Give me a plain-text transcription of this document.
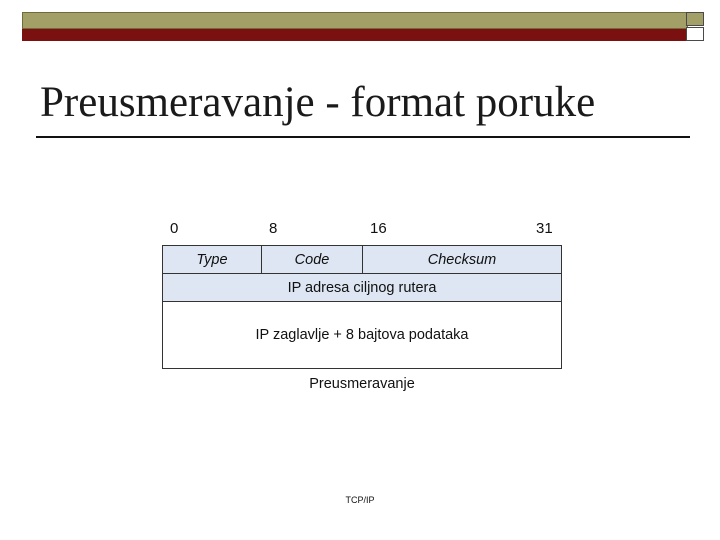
Preusmeravanje - format poruke
0	8	16	31
Type	Code	Checksum
IP adresa ciljnog rutera
IP zaglavlje + 8 bajtova podataka
Preusmeravanje
TCP/IP
